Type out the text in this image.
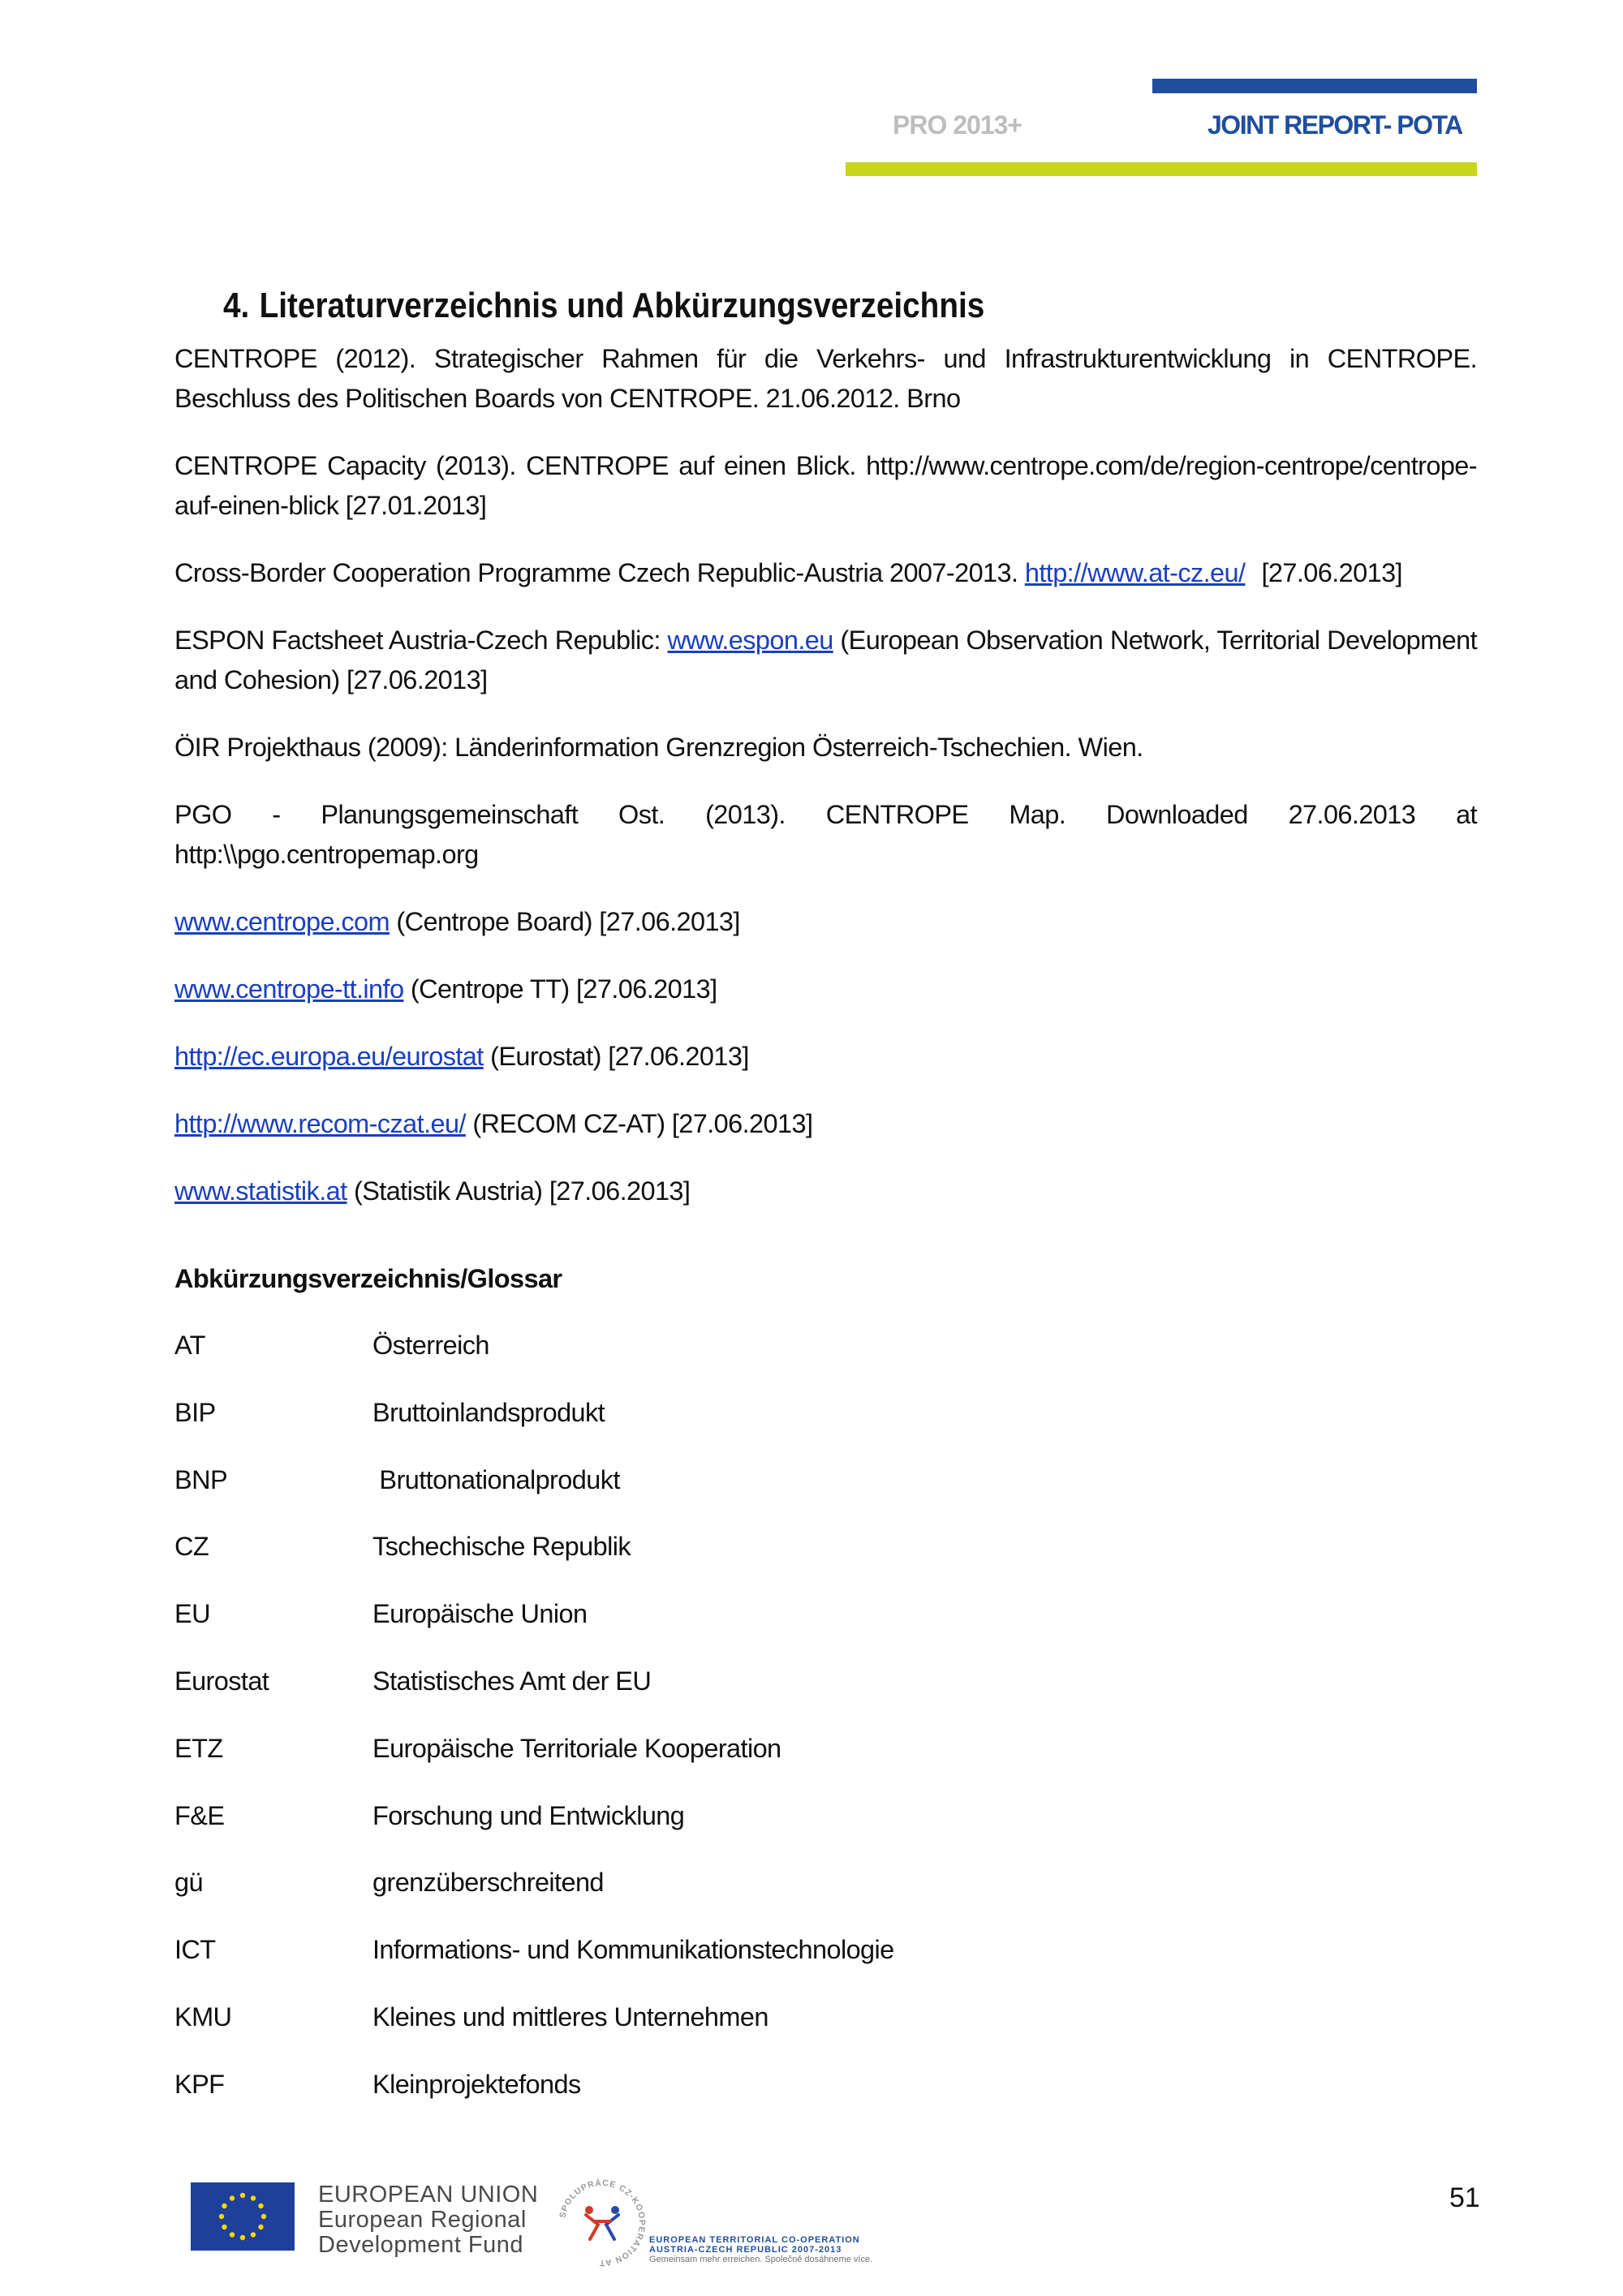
PRO 2013+	JOINT REPORT- POTA
4. Literaturverzeichnis und Abkürzungsverzeichnis

CENTROPE (2012). Strategischer Rahmen für die Verkehrs- und Infrastrukturentwicklung in CENTROPE. Beschluss des Politischen Boards von CENTROPE. 21.06.2012. Brno

CENTROPE Capacity (2013). CENTROPE auf einen Blick. http://www.centrope.com/de/region-centrope/centrope-auf-einen-blick [27.01.2013]

Cross-Border Cooperation Programme Czech Republic-Austria 2007-2013. http://www.at-cz.eu/ [27.06.2013]

ESPON Factsheet Austria-Czech Republic: www.espon.eu (European Observation Network, Territorial Development and Cohesion) [27.06.2013]

ÖIR Projekthaus (2009): Länderinformation Grenzregion Österreich-Tschechien. Wien.

PGO - Planungsgemeinschaft Ost. (2013). CENTROPE Map. Downloaded 27.06.2013 at http:\\pgo.centropemap.org

www.centrope.com (Centrope Board) [27.06.2013]

www.centrope-tt.info (Centrope TT) [27.06.2013]

http://ec.europa.eu/eurostat (Eurostat) [27.06.2013]

http://www.recom-czat.eu/ (RECOM CZ-AT) [27.06.2013]

www.statistik.at (Statistik Austria) [27.06.2013]

Abkürzungsverzeichnis/Glossar
AT	Österreich
BIP	Bruttoinlandsprodukt
BNP	Bruttonationalprodukt
CZ	Tschechische Republik
EU	Europäische Union
Eurostat	Statistisches Amt der EU
ETZ	Europäische Territoriale Kooperation
F&E	Forschung und Entwicklung
gü	grenzüberschreitend
ICT	Informations- und Kommunikationstechnologie
KMU	Kleines und mittleres Unternehmen
KPF	Kleinprojektefonds
EUROPEAN UNION
European Regional
Development Fund
SPOLUPRÁCE CZ-KOOPERATION AT
EUROPEAN TERRITORIAL CO-OPERATION
AUSTRIA-CZECH REPUBLIC 2007-2013
Gemeinsam mehr erreichen. Společně dosáhneme více.
51
